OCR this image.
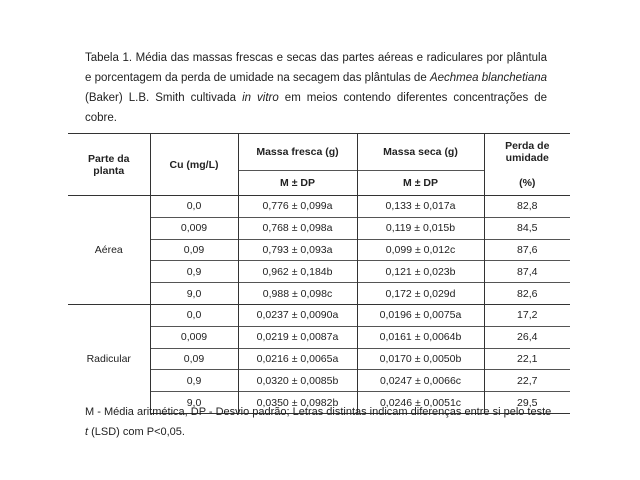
Tabela 1. Média das massas frescas e secas das partes aéreas e radiculares por plântula e porcentagem da perda de umidade na secagem das plântulas de Aechmea blanchetiana (Baker) L.B. Smith cultivada in vitro em meios contendo diferentes concentrações de cobre.
Parte da planta	Cu (mg/L)	Massa fresca (g)	Massa seca (g)	Perda de umidade
		M ± DP	M ± DP	(%)
Aérea	0,0	0,776 ± 0,099a	0,133 ± 0,017a	82,8
	0,009	0,768 ± 0,098a	0,119 ± 0,015b	84,5
	0,09	0,793 ± 0,093a	0,099 ± 0,012c	87,6
	0,9	0,962 ± 0,184b	0,121 ± 0,023b	87,4
	9,0	0,988 ± 0,098c	0,172 ± 0,029d	82,6
Radicular	0,0	0,0237 ± 0,0090a	0,0196 ± 0,0075a	17,2
	0,009	0,0219 ± 0,0087a	0,0161 ± 0,0064b	26,4
	0,09	0,0216 ± 0,0065a	0,0170 ± 0,0050b	22,1
	0,9	0,0320 ± 0,0085b	0,0247 ± 0,0066c	22,7
	9,0	0,0350 ± 0,0982b	0,0246 ± 0,0051c	29,5
M - Média aritmética, DP - Desvio padrão; Letras distintas indicam diferenças entre si pelo teste t (LSD) com P<0,05.
